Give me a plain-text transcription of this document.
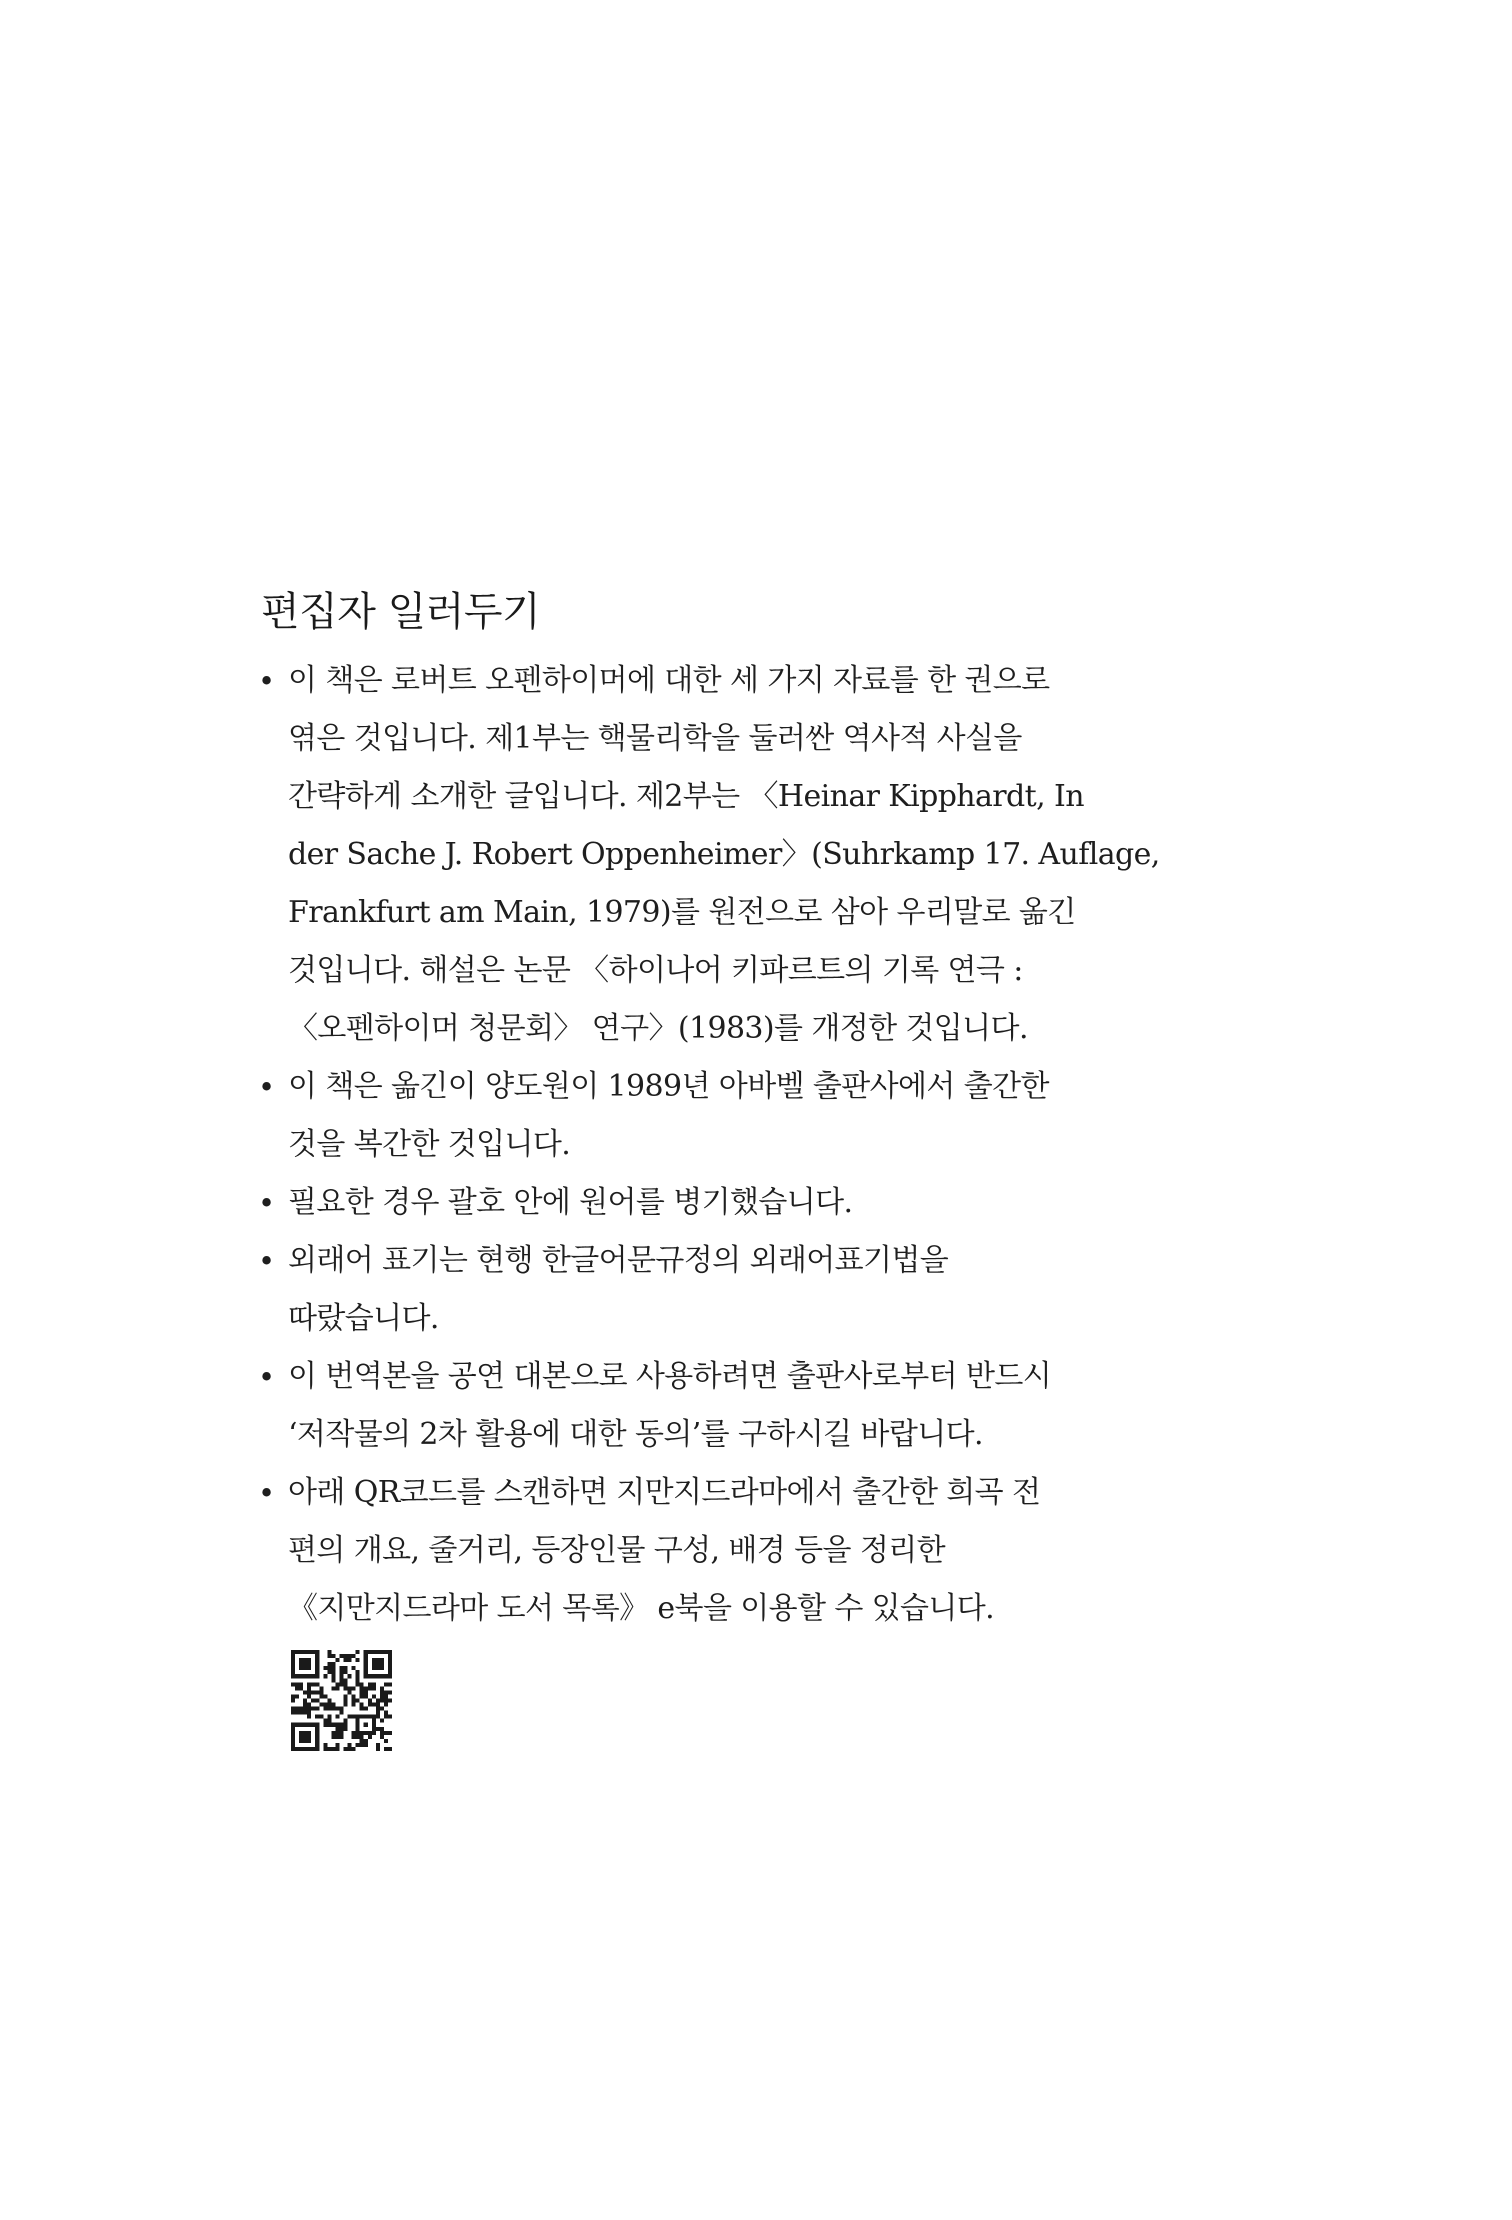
편집자 일러두기
• 이 책은 로버트 오펜하이머에 대한 세 가지 자료를 한 권으로
엮은 것입니다. 제1부는 핵물리학을 둘러싼 역사적 사실을
간략하게 소개한 글입니다. 제2부는 〈Heinar Kipphardt, In
der Sache J. Robert Oppenheimer〉(Suhrkamp 17. Auflage,
Frankfurt am Main, 1979)를 원전으로 삼아 우리말로 옮긴
것입니다. 해설은 논문 〈하이나어 키파르트의 기록 연극 :
〈오펜하이머 청문회〉 연구〉(1983)를 개정한 것입니다.
• 이 책은 옮긴이 양도원이 1989년 아바벨 출판사에서 출간한
것을 복간한 것입니다.
• 필요한 경우 괄호 안에 원어를 병기했습니다.
• 외래어 표기는 현행 한글어문규정의 외래어표기법을
따랐습니다.
• 이 번역본을 공연 대본으로 사용하려면 출판사로부터 반드시
‘저작물의 2차 활용에 대한 동의’를 구하시길 바랍니다.
• 아래 QR코드를 스캔하면 지만지드라마에서 출간한 희곡 전
편의 개요, 줄거리, 등장인물 구성, 배경 등을 정리한
《지만지드라마 도서 목록》 e북을 이용할 수 있습니다.
